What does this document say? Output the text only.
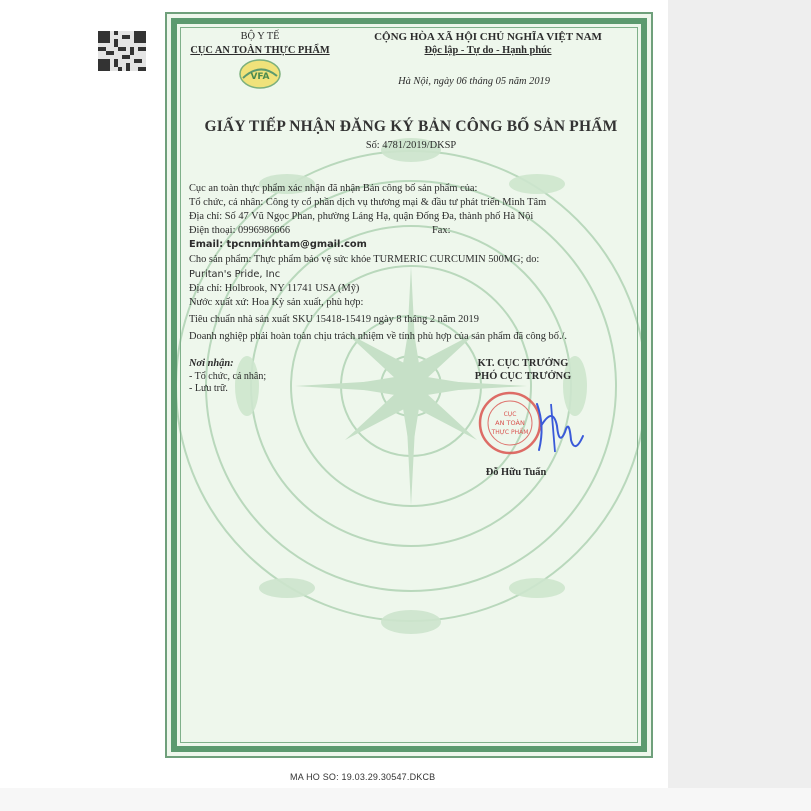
BỘ Y TẾ
CỤC AN TOÀN THỰC PHẨM
VFA
CỘNG HÒA XÃ HỘI CHỦ NGHĨA VIỆT NAM
Độc lập - Tự do - Hạnh phúc
Hà Nội, ngày 06 tháng 05 năm 2019
GIẤY TIẾP NHẬN ĐĂNG KÝ BẢN CÔNG BỐ SẢN PHẨM
Số: 4781/2019/DKSP
Cục an toàn thực phẩm xác nhận đã nhận Bản công bố sản phẩm của:
Tổ chức, cá nhân: Công ty cổ phần dịch vụ thương mại & đầu tư phát triển Minh Tâm
Địa chỉ: Số 47 Vũ Ngọc Phan, phường Láng Hạ, quận Đống Đa, thành phố Hà Nội
Điện thoại: 0996986666	Fax:
Email: tpcnminhtam@gmail.com
Cho sản phẩm: Thực phẩm bảo vệ sức khỏe TURMERIC CURCUMIN 500MG; do:
Puritan's Pride, Inc
Địa chỉ: Holbrook, NY 11741 USA (Mỹ)
Nước xuất xứ: Hoa Kỳ sản xuất, phù hợp:
Tiêu chuẩn nhà sản xuất SKU 15418-15419 ngày 8 tháng 2 năm 2019
Doanh nghiệp phải hoàn toàn chịu trách nhiệm về tính phù hợp của sản phẩm đã công bố./.
Nơi nhận:
- Tổ chức, cá nhân;
- Lưu trữ.
KT. CỤC TRƯỞNG
PHÓ CỤC TRƯỞNG
CỤC
AN TOÀN
THỰC PHẨM
Đỗ Hữu Tuấn
MA HO SO: 19.03.29.30547.DKCB
